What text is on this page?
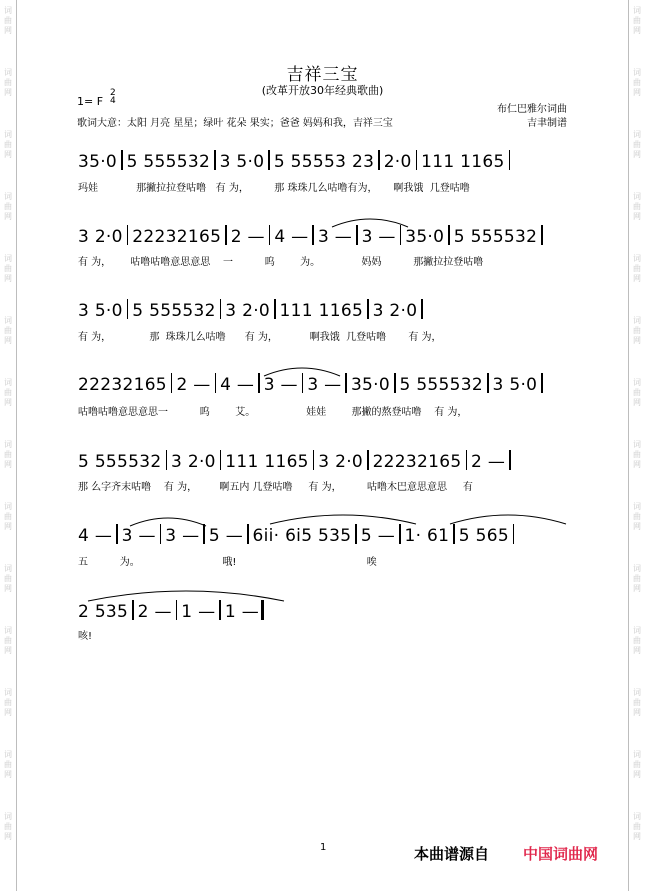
词
曲
网
词
曲
网
词
曲
网
词
曲
网
词
曲
网
词
曲
网
词
曲
网
词
曲
网
词
曲
网
词
曲
网
词
曲
网
词
曲
网
词
曲
网
词
曲
网
词
曲
网
词
曲
网
词
曲
网
词
曲
网
词
曲
网
词
曲
网
词
曲
网
词
曲
网
词
曲
网
词
曲
网
词
曲
网
词
曲
网
词
曲
网
词
曲
网
吉祥三宝
(改革开放30年经典歌曲)
1= F
2
4
布仁巴雅尔词曲
歌词大意：太阳 月亮 星星；绿叶 花朵 果实；爸爸 妈妈和我，吉祥三宝	吉聿制谱
35·0 5 555532 3 5·0 5 55553 23 2·0 111 1165
玛娃            那撇拉拉登咕噜   有 为，        那 珠珠几么咕噜有为，     啊我饿  几登咕噜
3 2·0 22232165 2 — 4 — 3 — 3 — 35·0 5 555532
有 为，      咕噜咕噜意思意思    一          呜        为。             妈妈          那撇拉拉登咕噜
3 5·0 5 555532 3 2·0 111 1165 3 2·0
有 为，            那  珠珠几么咕噜      有 为，          啊我饿  几登咕噜       有 为，
22232165 2 — 4 — 3 — 3 — 35·0 5 555532 3 5·0
咕噜咕噜意思意思一          呜        艾。                娃娃        那撇的熬登咕噜    有 为，
5 555532 3 2·0 111 1165 3 2·0 22232165 2 —
那 么字齐末咕噜    有 为，       啊五内 几登咕噜     有 为，        咕噜木巴意思意思     有
4 — 3 — 3 — 5 — 6ii· 6i5 535 5 — 1· 61 5 565
五          为。                          哦!                                         唉
2 535 2 — 1 — 1 —
咳!
1	本曲谱源自 中国词曲网
